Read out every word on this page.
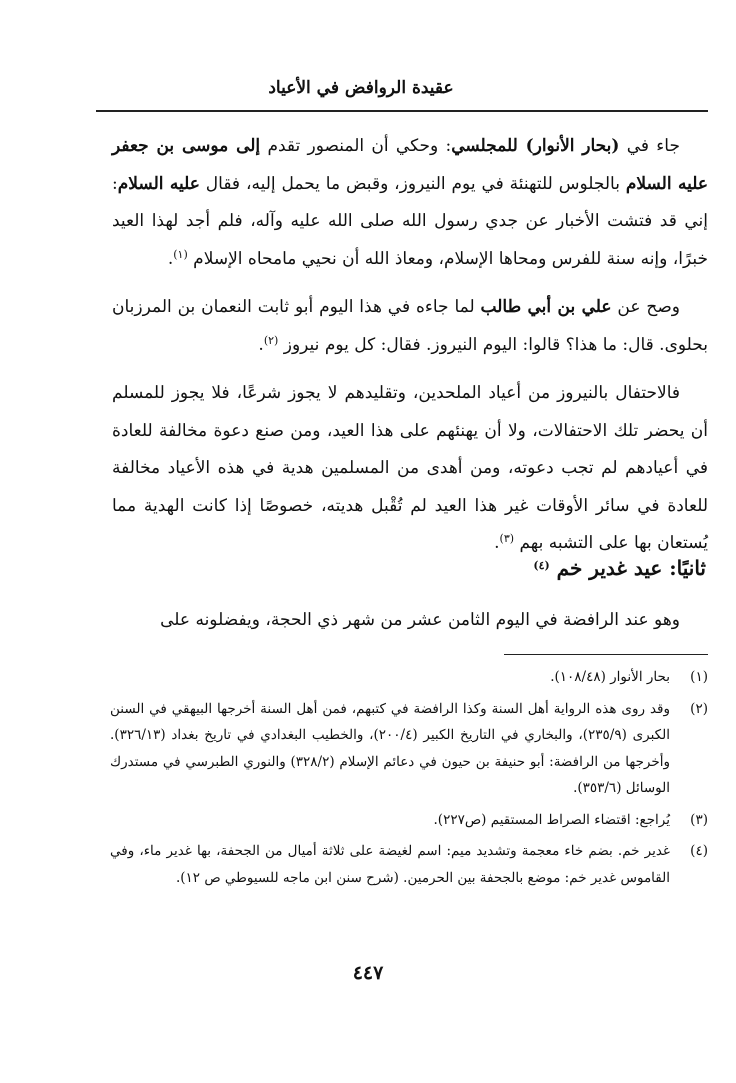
عقيدة الروافض في الأعياد

جاء في (بحار الأنوار) للمجلسي: وحكي أن المنصور تقدم إلى موسى بن جعفر عليه السلام بالجلوس للتهنئة في يوم النيروز، وقبض ما يحمل إليه، فقال عليه السلام: إني قد فتشت الأخبار عن جدي رسول الله صلى الله عليه وآله، فلم أجد لهذا العيد خبرًا، وإنه سنة للفرس ومحاها الإسلام، ومعاذ الله أن نحيي مامحاه الإسلام $^{(١)}$.

وصح عن علي بن أبي طالب لما جاءه في هذا اليوم أبو ثابت النعمان بن المرزبان بحلوى. قال: ما هذا؟ قالوا: اليوم النيروز. فقال: كل يوم نيروز $^{(٢)}$.

فالاحتفال بالنيروز من أعياد الملحدين، وتقليدهم لا يجوز شرعًا، فلا يجوز للمسلم أن يحضر تلك الاحتفالات، ولا أن يهنئهم على هذا العيد، ومن صنع دعوة مخالفة للعادة في أعيادهم لم تجب دعوته، ومن أهدى من المسلمين هدية في هذه الأعياد مخالفة للعادة في سائر الأوقات غير هذا العيد لم تُقْبل هديته، خصوصًا إذا كانت الهدية مما يُستعان بها على التشبه بهم $^{(٣)}$.

ثانيًا: عيد غدير خم $^{(٤)}$
وهو عند الرافضة في اليوم الثامن عشر من شهر ذي الحجة، ويفضلونه على

(١)
بحار الأنوار (١٠٨/٤٨).

(٢)
وقد روى هذه الرواية أهل السنة وكذا الرافضة في كتبهم، فمن أهل السنة أخرجها البيهقي في السنن الكبرى (٢٣٥/٩)، والبخاري في التاريخ الكبير (٢٠٠/٤)، والخطيب البغدادي في تاريخ بغداد (٣٢٦/١٣). وأخرجها من الرافضة: أبو حنيفة بن حيون في دعائم الإسلام (٣٢٨/٢) والنوري الطبرسي في مستدرك الوسائل (٣٥٣/٦).

(٣)
يُراجع: اقتضاء الصراط المستقيم (ص٢٢٧).

(٤)
غدير خم. بضم خاء معجمة وتشديد ميم: اسم لغيضة على ثلاثة أميال من الجحفة، بها غدير ماء، وفي القاموس غدير خم: موضع بالجحفة بين الحرمين. (شرح سنن ابن ماجه للسيوطي ص ١٢).

٤٤٧
